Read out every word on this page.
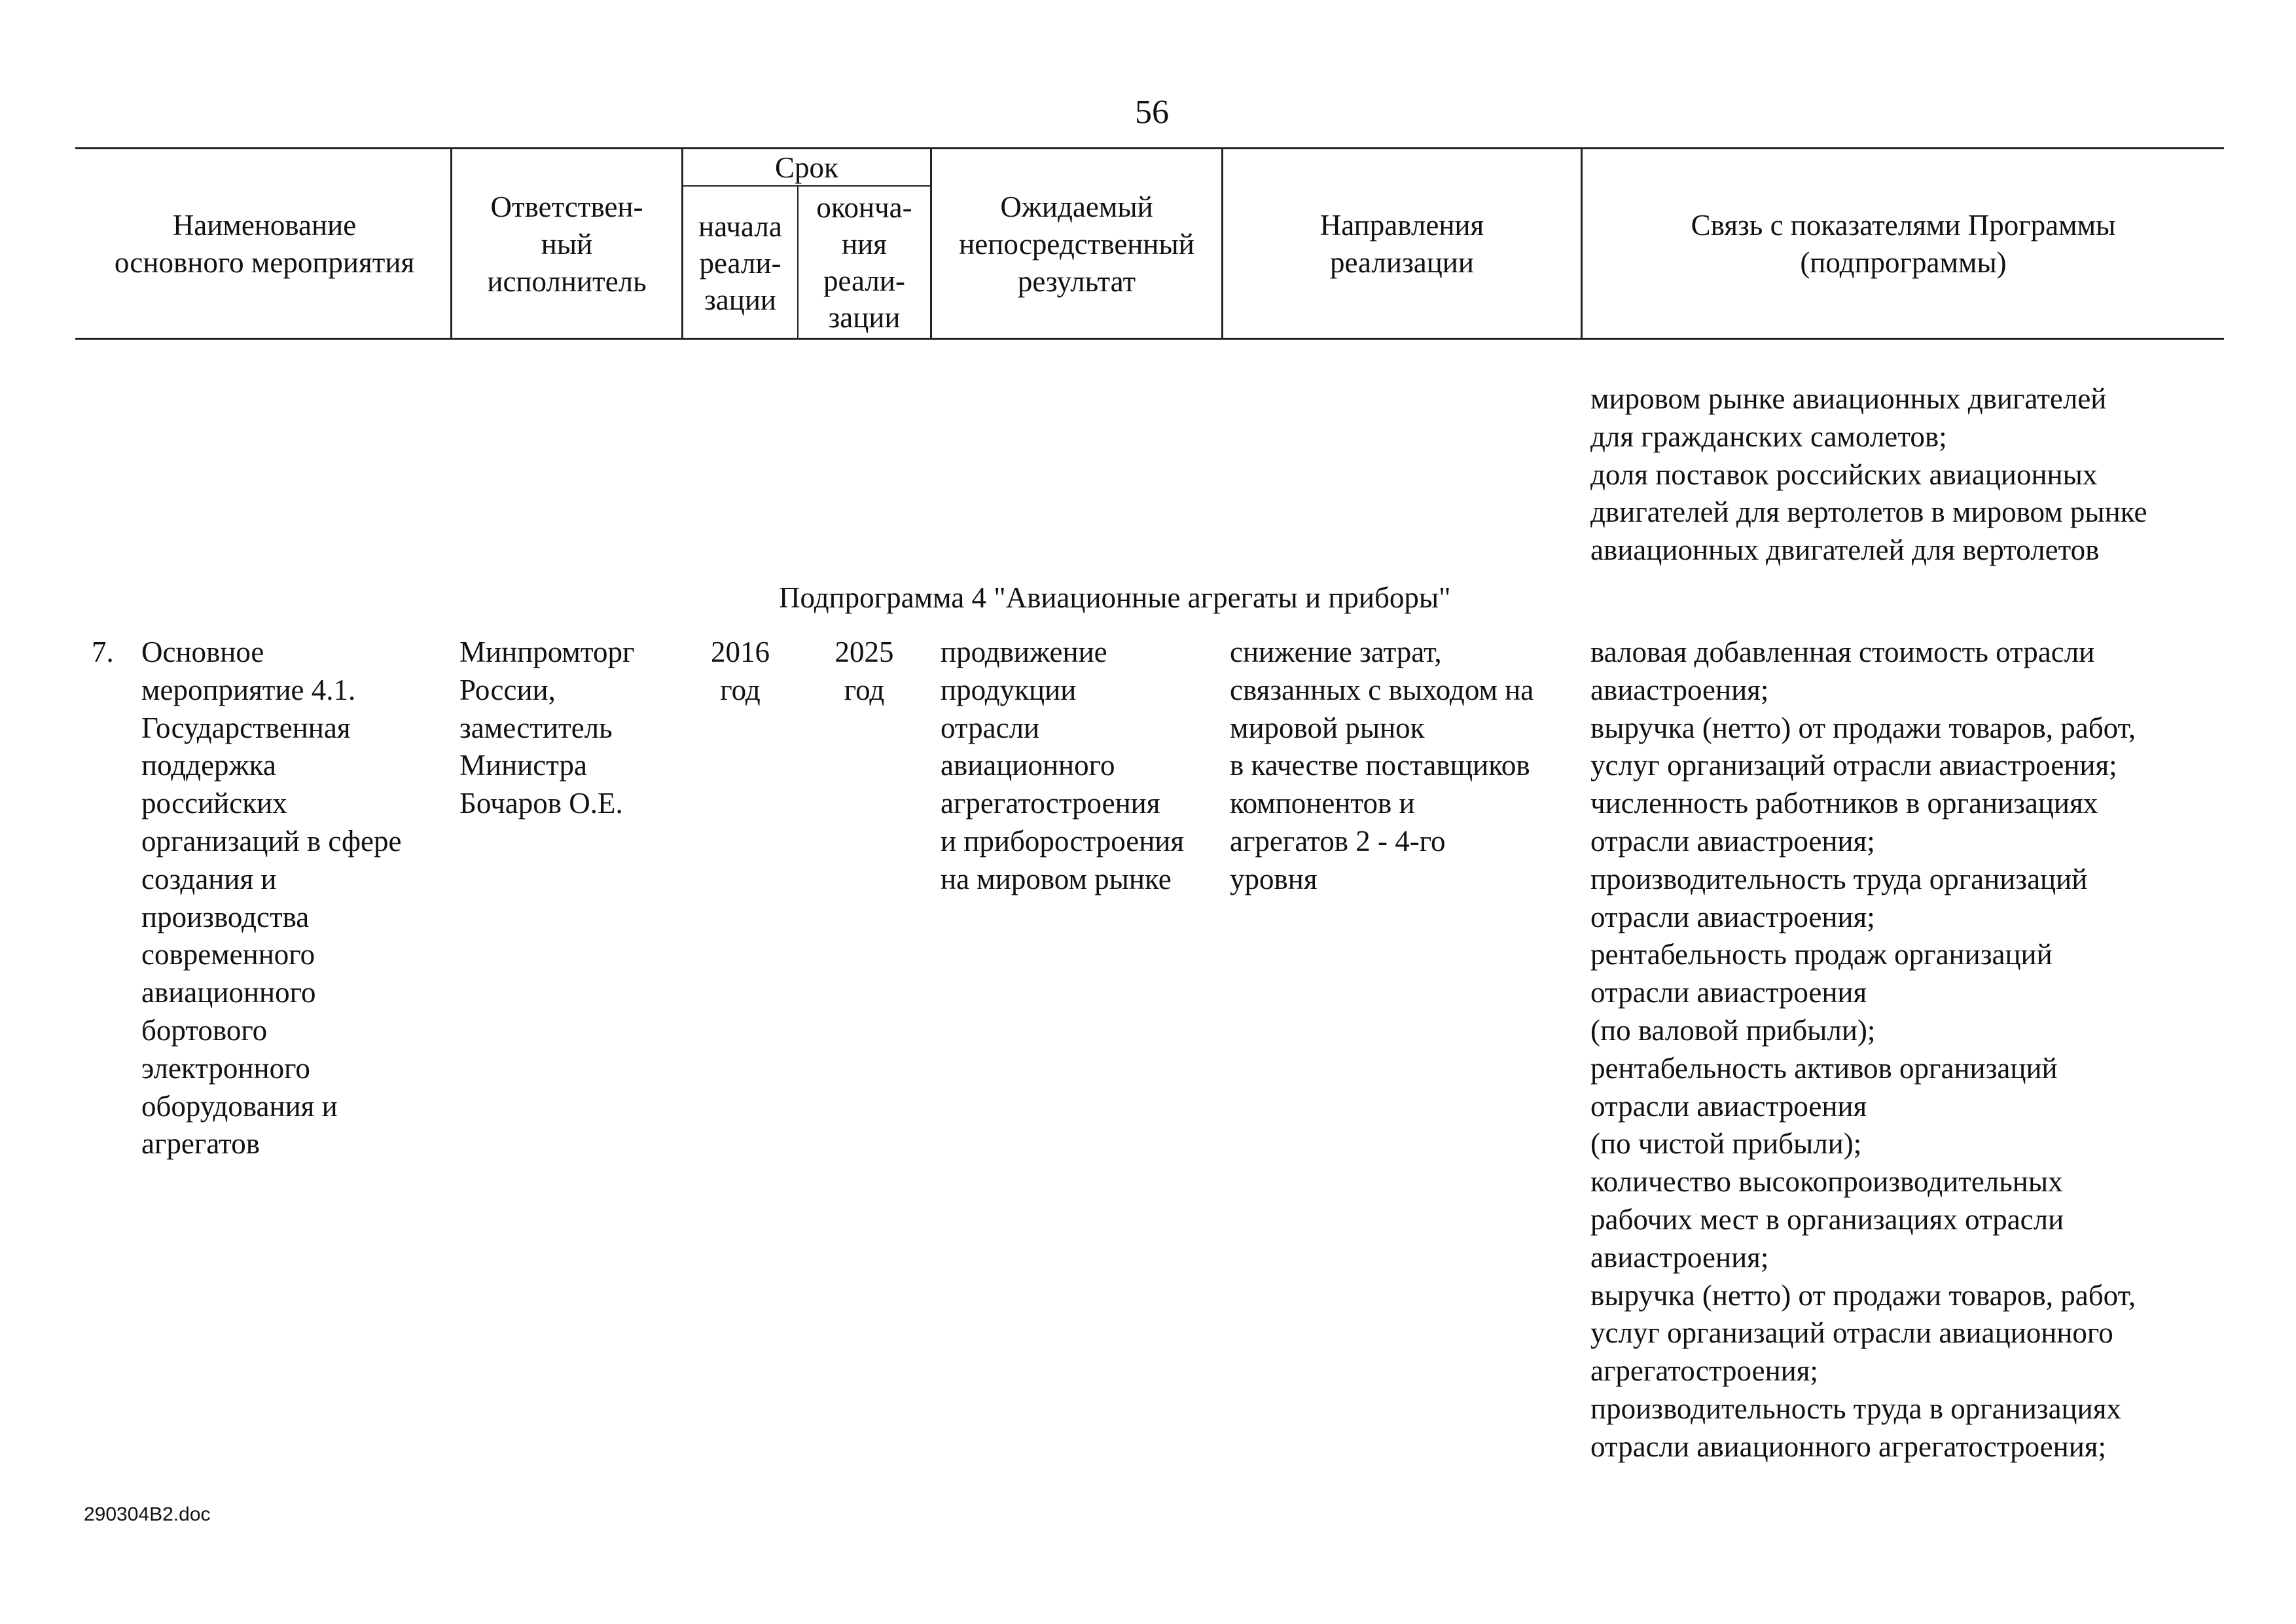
56
Наименование
основного мероприятия
Ответствен-
ный
исполнитель
Срок
начала
реали-
зации
оконча-
ния
реали-
зации
Ожидаемый
непосредственный
результат
Направления
реализации
Связь с показателями Программы
(подпрограммы)
мировом рынке авиационных двигателей
для гражданских самолетов;
доля поставок российских авиационных
двигателей для вертолетов в мировом рынке
авиационных двигателей для вертолетов
Подпрограмма 4 "Авиационные агрегаты и приборы"
7. Основное
мероприятие 4.1.
Государственная
поддержка
российских
организаций в сфере
создания и
производства
современного
авиационного
бортового
электронного
оборудования и
агрегатов
Минпромторг
России,
заместитель
Министра
Бочаров О.Е.
2016
год
2025
год
продвижение
продукции
отрасли
авиационного
агрегатостроения
и приборостроения
на мировом рынке
снижение затрат,
связанных с выходом на
мировой рынок
в качестве поставщиков
компонентов и
агрегатов 2 - 4-го
уровня
валовая добавленная стоимость отрасли
авиастроения;
выручка (нетто) от продажи товаров, работ,
услуг организаций отрасли авиастроения;
численность работников в организациях
отрасли авиастроения;
производительность труда организаций
отрасли авиастроения;
рентабельность продаж организаций
отрасли авиастроения
(по валовой прибыли);
рентабельность активов организаций
отрасли авиастроения
(по чистой прибыли);
количество высокопроизводительных
рабочих мест в организациях отрасли
авиастроения;
выручка (нетто) от продажи товаров, работ,
услуг организаций отрасли авиационного
агрегатостроения;
производительность труда в организациях
отрасли авиационного агрегатостроения;
290304B2.doc
